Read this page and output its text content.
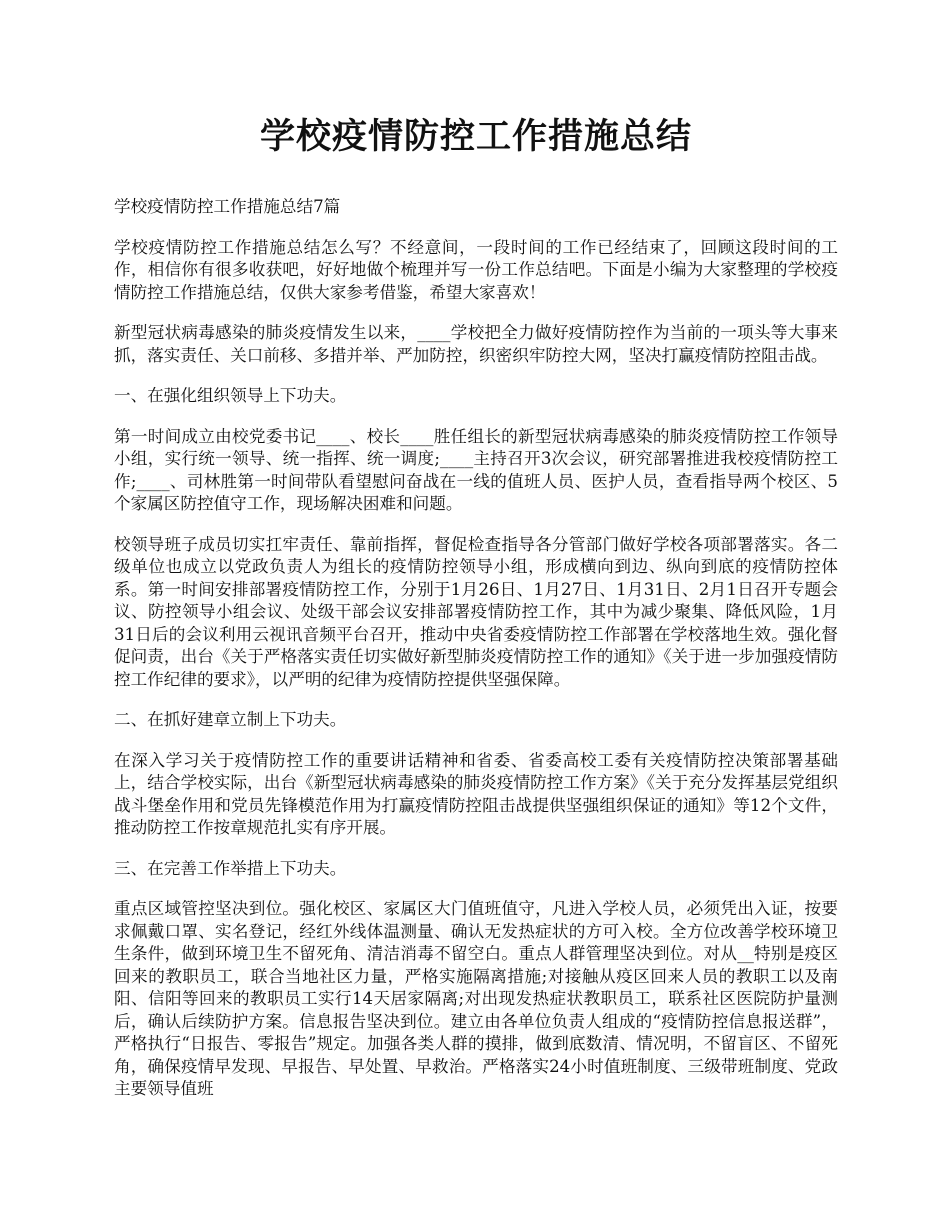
学校疫情防控工作措施总结

学校疫情防控工作措施总结7篇

学校疫情防控工作措施总结怎么写？不经意间，一段时间的工作已经结束了，回顾这段时间的工作，相信你有很多收获吧，好好地做个梳理并写一份工作总结吧。下面是小编为大家整理的学校疫情防控工作措施总结，仅供大家参考借鉴，希望大家喜欢！

新型冠状病毒感染的肺炎疫情发生以来，____学校把全力做好疫情防控作为当前的一项头等大事来抓，落实责任、关口前移、多措并举、严加防控，织密织牢防控大网，坚决打赢疫情防控阻击战。

一、在强化组织领导上下功夫。

第一时间成立由校党委书记____、校长____胜任组长的新型冠状病毒感染的肺炎疫情防控工作领导小组，实行统一领导、统一指挥、统一调度;____主持召开3次会议，研究部署推进我校疫情防控工作;____、司林胜第一时间带队看望慰问奋战在一线的值班人员、医护人员，查看指导两个校区、5个家属区防控值守工作，现场解决困难和问题。

校领导班子成员切实扛牢责任、靠前指挥，督促检查指导各分管部门做好学校各项部署落实。各二级单位也成立以党政负责人为组长的疫情防控领导小组，形成横向到边、纵向到底的疫情防控体系。第一时间安排部署疫情防控工作，分别于1月26日、1月27日、1月31日、2月1日召开专题会议、防控领导小组会议、处级干部会议安排部署疫情防控工作，其中为减少聚集、降低风险，1月31日后的会议利用云视讯音频平台召开，推动中央省委疫情防控工作部署在学校落地生效。强化督促问责，出台《关于严格落实责任切实做好新型肺炎疫情防控工作的通知》《关于进一步加强疫情防控工作纪律的要求》，以严明的纪律为疫情防控提供坚强保障。

二、在抓好建章立制上下功夫。

在深入学习关于疫情防控工作的重要讲话精神和省委、省委高校工委有关疫情防控决策部署基础上，结合学校实际，出台《新型冠状病毒感染的肺炎疫情防控工作方案》《关于充分发挥基层党组织战斗堡垒作用和党员先锋模范作用为打赢疫情防控阻击战提供坚强组织保证的通知》等12个文件，推动防控工作按章规范扎实有序开展。

三、在完善工作举措上下功夫。

重点区域管控坚决到位。强化校区、家属区大门值班值守，凡进入学校人员，必须凭出入证，按要求佩戴口罩、实名登记，经红外线体温测量、确认无发热症状的方可入校。全方位改善学校环境卫生条件，做到环境卫生不留死角、清洁消毒不留空白。重点人群管理坚决到位。对从__特别是疫区回来的教职员工，联合当地社区力量，严格实施隔离措施;对接触从疫区回来人员的教职工以及南阳、信阳等回来的教职员工实行14天居家隔离;对出现发热症状教职员工，联系社区医院防护量测后，确认后续防护方案。信息报告坚决到位。建立由各单位负责人组成的“疫情防控信息报送群”，严格执行“日报告、零报告”规定。加强各类人群的摸排，做到底数清、情况明，不留盲区、不留死角，确保疫情早发现、早报告、早处置、早救治。严格落实24小时值班制度、三级带班制度、党政主要领导值班
